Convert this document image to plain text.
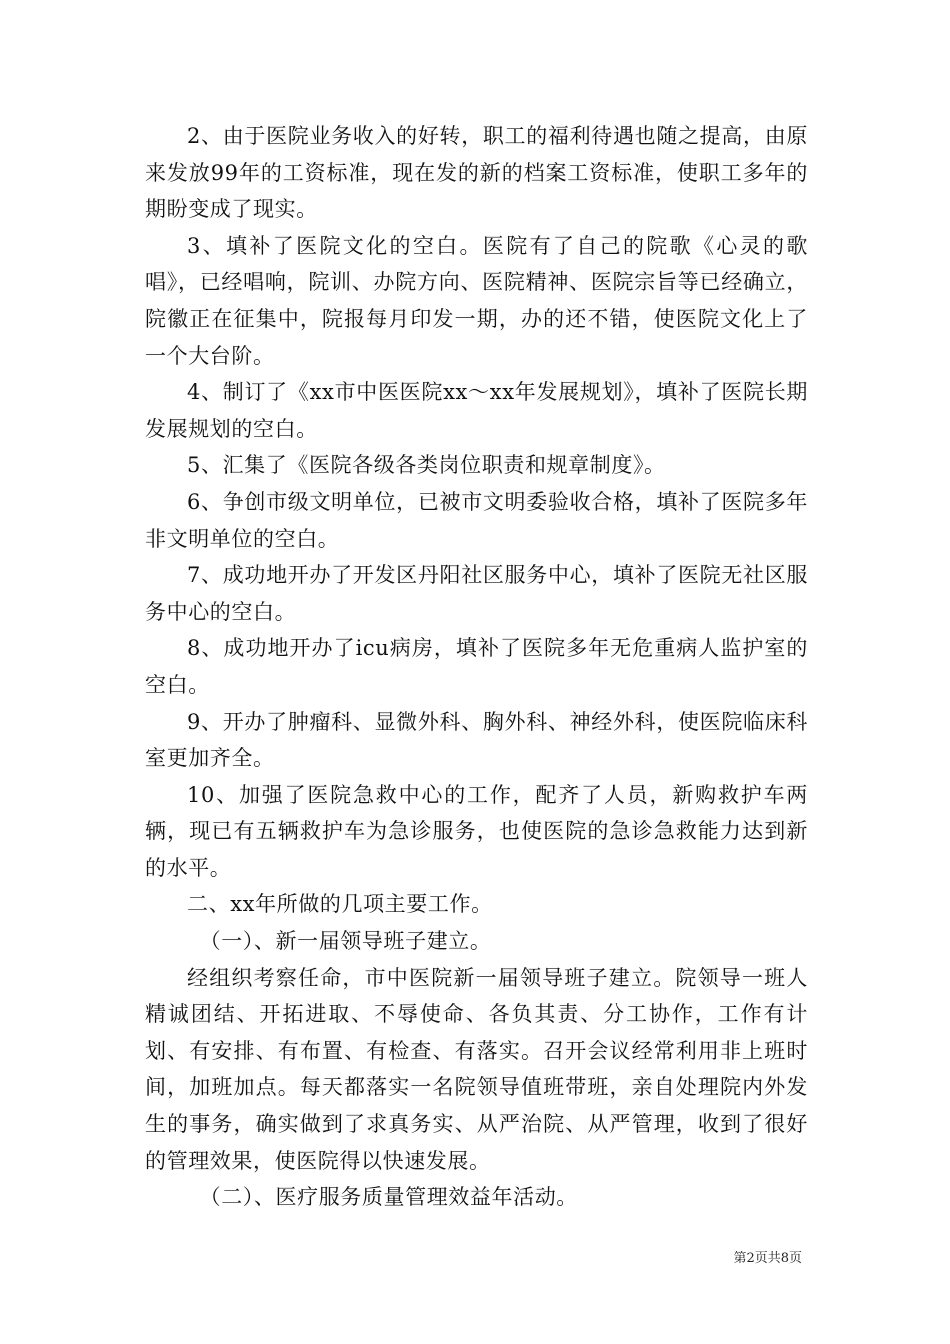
2、由于医院业务收入的好转，职工的福利待遇也随之提高，由原来发放99年的工资标准，现在发的新的档案工资标准，使职工多年的期盼变成了现实。

3、填补了医院文化的空白。医院有了自己的院歌《心灵的歌唱》，已经唱响，院训、办院方向、医院精神、医院宗旨等已经确立，院徽正在征集中，院报每月印发一期，办的还不错，使医院文化上了一个大台阶。

4、制订了《xx市中医医院xx～xx年发展规划》，填补了医院长期发展规划的空白。

5、汇集了《医院各级各类岗位职责和规章制度》。

6、争创市级文明单位，已被市文明委验收合格，填补了医院多年非文明单位的空白。

7、成功地开办了开发区丹阳社区服务中心，填补了医院无社区服务中心的空白。

8、成功地开办了icu病房，填补了医院多年无危重病人监护室的空白。

9、开办了肿瘤科、显微外科、胸外科、神经外科，使医院临床科室更加齐全。

10、加强了医院急救中心的工作，配齐了人员，新购救护车两辆，现已有五辆救护车为急诊服务，也使医院的急诊急救能力达到新的水平。

二、xx年所做的几项主要工作。

（一）、新一届领导班子建立。

经组织考察任命，市中医院新一届领导班子建立。院领导一班人精诚团结、开拓进取、不辱使命、各负其责、分工协作，工作有计划、有安排、有布置、有检查、有落实。召开会议经常利用非上班时间，加班加点。每天都落实一名院领导值班带班，亲自处理院内外发生的事务，确实做到了求真务实、从严治院、从严管理，收到了很好的管理效果，使医院得以快速发展。

（二）、医疗服务质量管理效益年活动。

第2页共8页
